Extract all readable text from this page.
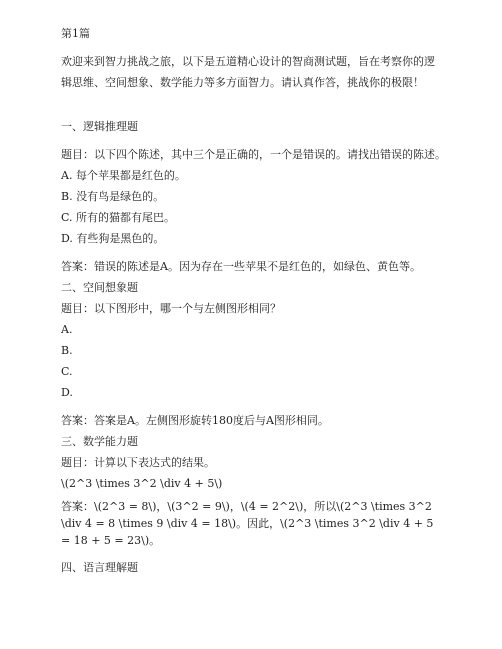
第1篇
欢迎来到智力挑战之旅，以下是五道精心设计的智商测试题，旨在考察你的逻辑思维、空间想象、数学能力等多方面智力。请认真作答，挑战你的极限！
一、逻辑推理题
题目：以下四个陈述，其中三个是正确的，一个是错误的。请找出错误的陈述。
A. 每个苹果都是红色的。
B. 没有鸟是绿色的。
C. 所有的猫都有尾巴。
D. 有些狗是黑色的。
答案：错误的陈述是A。因为存在一些苹果不是红色的，如绿色、黄色等。
二、空间想象题
题目：以下图形中，哪一个与左侧图形相同？
A.
B.
C.
D.
答案：答案是A。左侧图形旋转180度后与A图形相同。
三、数学能力题
题目：计算以下表达式的结果。
\(2^3 \times 3^2 \div 4 + 5\)
答案：\(2^3 = 8\)，\(3^2 = 9\)，\(4 = 2^2\)，所以\(2^3 \times 3^2 \div 4 = 8 \times 9 \div 4 = 18\)。因此，\(2^3 \times 3^2 \div 4 + 5 = 18 + 5 = 23\)。
四、语言理解题
